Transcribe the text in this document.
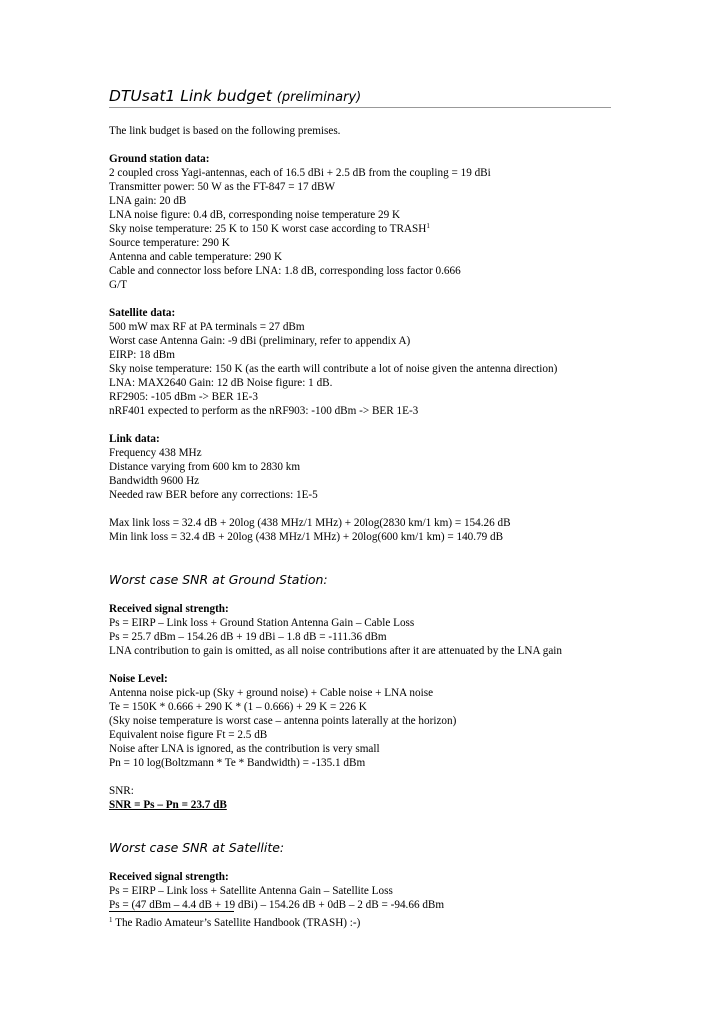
DTUsat1 Link budget (preliminary)
The link budget is based on the following premises.
Ground station data:
2 coupled cross Yagi-antennas, each of 16.5 dBi + 2.5 dB from the coupling = 19 dBi
Transmitter power: 50 W as the FT-847 = 17 dBW
LNA gain: 20 dB
LNA noise figure: 0.4 dB, corresponding noise temperature 29 K
Sky noise temperature: 25 K to 150 K worst case according to TRASH$^1$
Source temperature: 290 K
Antenna and cable temperature: 290 K
Cable and connector loss before LNA: 1.8 dB, corresponding loss factor 0.666
G/T
Satellite data:
500 mW max RF at PA terminals = 27 dBm
Worst case Antenna Gain: -9 dBi (preliminary, refer to appendix A)
EIRP: 18 dBm
Sky noise temperature: 150 K (as the earth will contribute a lot of noise given the antenna direction)
LNA: MAX2640 Gain: 12 dB Noise figure: 1 dB.
RF2905: -105 dBm -> BER 1E-3
nRF401 expected to perform as the nRF903: -100 dBm -> BER 1E-3
Link data:
Frequency 438 MHz
Distance varying from 600 km to 2830 km
Bandwidth 9600 Hz
Needed raw BER before any corrections: 1E-5
Max link loss = 32.4 dB + 20log (438 MHz/1 MHz) + 20log(2830 km/1 km) = 154.26 dB
Min link loss = 32.4 dB + 20log (438 MHz/1 MHz) + 20log(600 km/1 km) = 140.79 dB
Worst case SNR at Ground Station:
Received signal strength:
Ps = EIRP – Link loss + Ground Station Antenna Gain – Cable Loss
Ps = 25.7 dBm – 154.26 dB + 19 dBi – 1.8 dB = -111.36 dBm
LNA contribution to gain is omitted, as all noise contributions after it are attenuated by the LNA gain
Noise Level:
Antenna noise pick-up (Sky + ground noise) + Cable noise + LNA noise
Te = 150K * 0.666 + 290 K * (1 – 0.666) + 29 K = 226 K
(Sky noise temperature is worst case – antenna points laterally at the horizon)
Equivalent noise figure Ft = 2.5 dB
Noise after LNA is ignored, as the contribution is very small
Pn = 10 log(Boltzmann * Te * Bandwidth) = -135.1 dBm
SNR:
SNR = Ps – Pn = 23.7 dB
Worst case SNR at Satellite:
Received signal strength:
Ps = EIRP – Link loss + Satellite Antenna Gain – Satellite Loss
Ps = (47 dBm – 4.4 dB + 19 dBi) – 154.26 dB + 0dB – 2 dB = -94.66 dBm
$^1$ The Radio Amateur’s Satellite Handbook (TRASH) :-)
